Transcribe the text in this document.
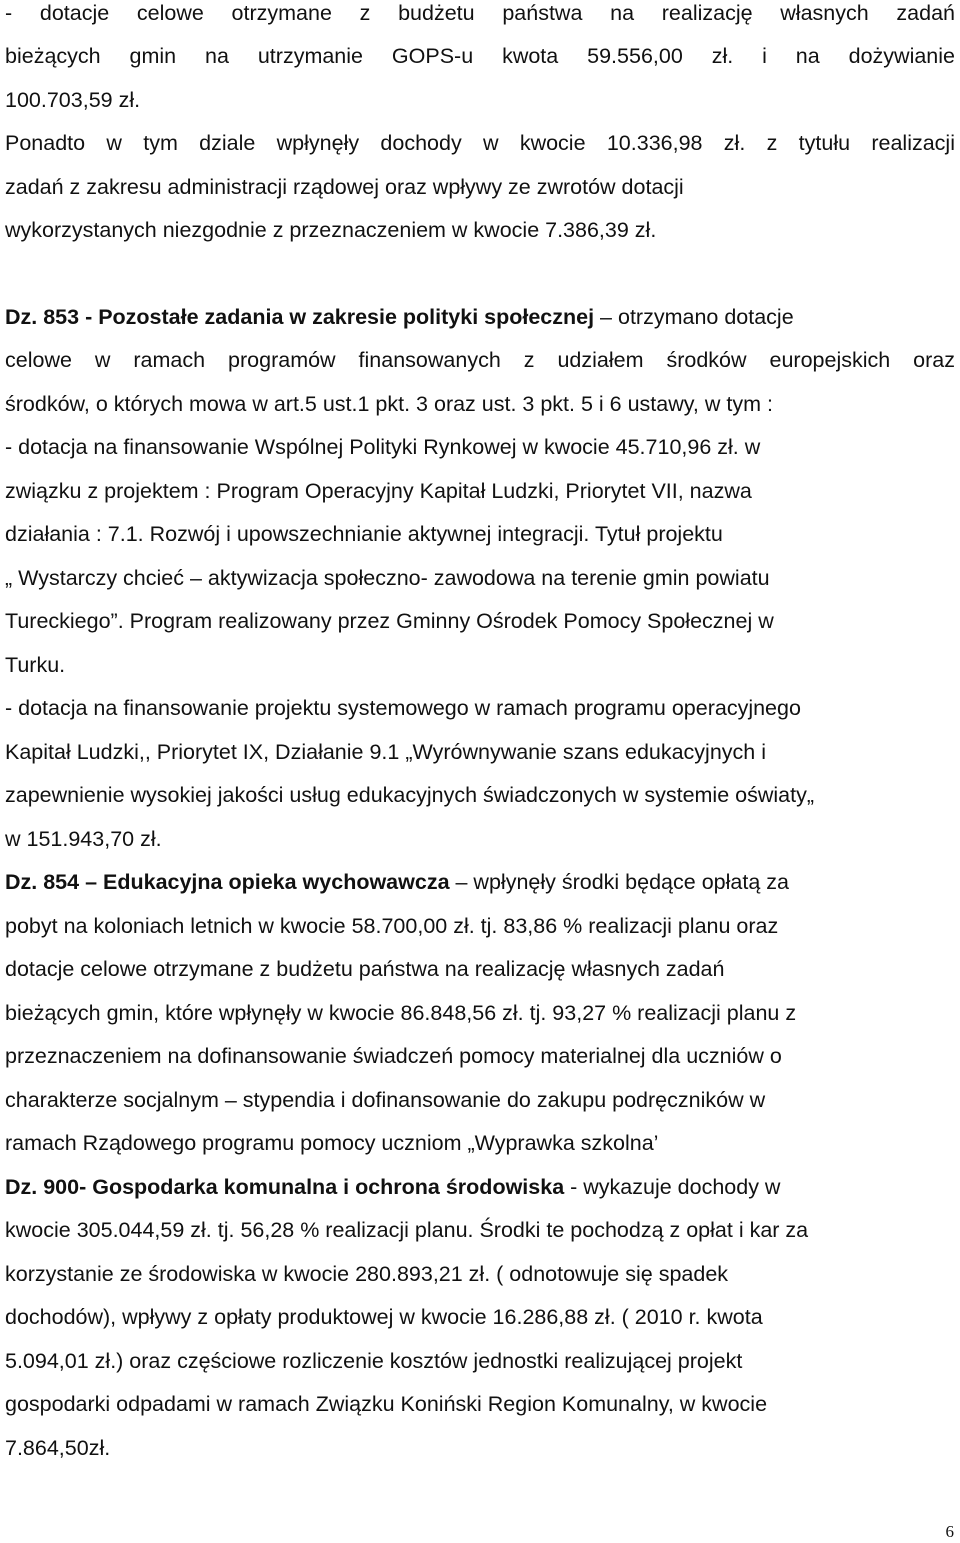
- dotacje celowe otrzymane z budżetu państwa na realizację własnych zadań
bieżących gmin na utrzymanie GOPS-u kwota 59.556,00 zł. i na dożywianie
100.703,59 zł.
Ponadto w tym dziale wpłynęły dochody w kwocie 10.336,98 zł. z tytułu realizacji
zadań z zakresu administracji rządowej oraz wpływy ze zwrotów dotacji
wykorzystanych niezgodnie z przeznaczeniem w kwocie 7.386,39 zł.
Dz. 853 - Pozostałe zadania w zakresie polityki społecznej – otrzymano dotacje
celowe w ramach programów finansowanych z udziałem środków europejskich oraz
środków, o których mowa w art.5 ust.1 pkt. 3 oraz ust. 3 pkt. 5 i 6 ustawy, w tym :
- dotacja na finansowanie Wspólnej Polityki Rynkowej w kwocie 45.710,96 zł. w
związku z projektem : Program Operacyjny Kapitał Ludzki, Priorytet VII, nazwa
działania : 7.1. Rozwój i upowszechnianie aktywnej integracji. Tytuł projektu
„ Wystarczy chcieć – aktywizacja społeczno- zawodowa na terenie gmin powiatu
Tureckiego”. Program realizowany przez Gminny Ośrodek Pomocy Społecznej w
Turku.
- dotacja na finansowanie projektu systemowego w ramach programu operacyjnego
Kapitał Ludzki,, Priorytet IX, Działanie 9.1 „Wyrównywanie szans edukacyjnych i
zapewnienie wysokiej jakości usług edukacyjnych świadczonych w systemie oświaty„
w 151.943,70 zł.
Dz. 854 – Edukacyjna opieka wychowawcza – wpłynęły środki będące opłatą za
pobyt na koloniach letnich w kwocie 58.700,00 zł. tj. 83,86 % realizacji planu oraz
dotacje celowe otrzymane z budżetu państwa na realizację własnych zadań
bieżących gmin, które wpłynęły w kwocie 86.848,56 zł. tj. 93,27 % realizacji planu z
przeznaczeniem na dofinansowanie świadczeń pomocy materialnej dla uczniów o
charakterze socjalnym – stypendia i dofinansowanie do zakupu podręczników w
ramach Rządowego programu pomocy uczniom „Wyprawka szkolna’
Dz. 900- Gospodarka komunalna i ochrona środowiska - wykazuje dochody w
kwocie 305.044,59 zł. tj. 56,28 % realizacji planu. Środki te pochodzą z opłat i kar za
korzystanie ze środowiska w kwocie 280.893,21 zł. ( odnotowuje się spadek
dochodów), wpływy z opłaty produktowej w kwocie 16.286,88 zł. ( 2010 r. kwota
5.094,01 zł.) oraz częściowe rozliczenie kosztów jednostki realizującej projekt
gospodarki odpadami w ramach Związku Koniński Region Komunalny, w kwocie
7.864,50zł.
6
